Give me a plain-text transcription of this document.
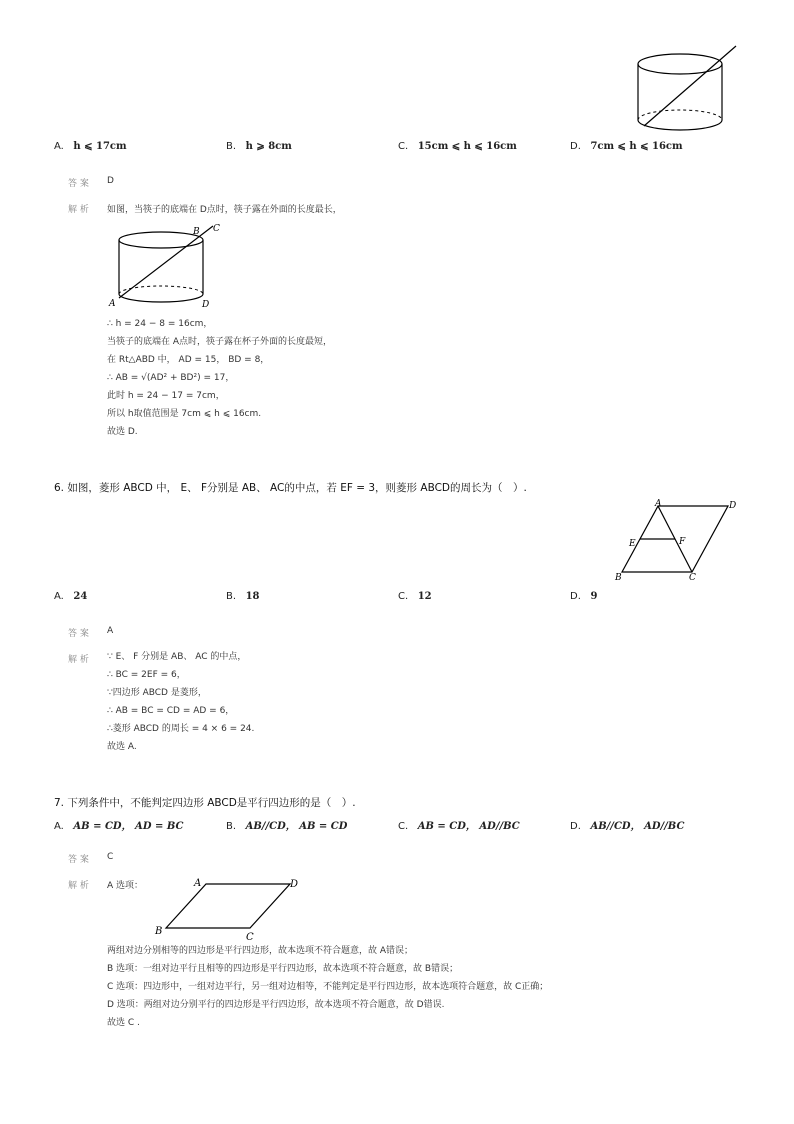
A. h ⩽ 17cm	B. h ⩾ 8cm	C. 15cm ⩽ h ⩽ 16cm	D. 7cm ⩽ h ⩽ 16cm
答 案 D
解 析 如图，当筷子的底端在 D点时，筷子露在外面的长度最长，
A
B C
D
∴ h = 24 − 8 = 16cm，
当筷子的底端在 A点时，筷子露在杯子外面的长度最短，
在 Rt△ABD 中， AD = 15， BD = 8，
∴ AB = √(AD² + BD²) = 17，
此时 h = 24 − 17 = 7cm，
所以 h取值范围是 7cm ⩽ h ⩽ 16cm.
故选 D.
6. 如图，菱形 ABCD 中， E、 F分别是 AB、 AC的中点，若 EF = 3，则菱形 ABCD的周长为（　）.
A	D
E	F
B	C
A. 24	B. 18	C. 12	D. 9
答 案 A
解 析 ∵ E、 F 分别是 AB、 AC 的中点，
∴ BC = 2EF = 6，
∵四边形 ABCD 是菱形，
∴ AB = BC = CD = AD = 6，
∴菱形 ABCD 的周长 = 4 × 6 = 24.
故选 A.
7. 下列条件中，不能判定四边形 ABCD是平行四边形的是（　）.
A. AB = CD， AD = BC	B. AB//CD， AB = CD	C. AB = CD， AD//BC	D. AB//CD， AD//BC
答 案 C
解 析 A 选项：	A	D
B
C
两组对边分别相等的四边形是平行四边形，故本选项不符合题意，故 A错误；
B 选项：一组对边平行且相等的四边形是平行四边形，故本选项不符合题意，故 B错误；
C 选项：四边形中，一组对边平行，另一组对边相等，不能判定是平行四边形，故本选项符合题意，故 C正确；
D 选项：两组对边分别平行的四边形是平行四边形，故本选项不符合题意，故 D错误.
故选 C .
